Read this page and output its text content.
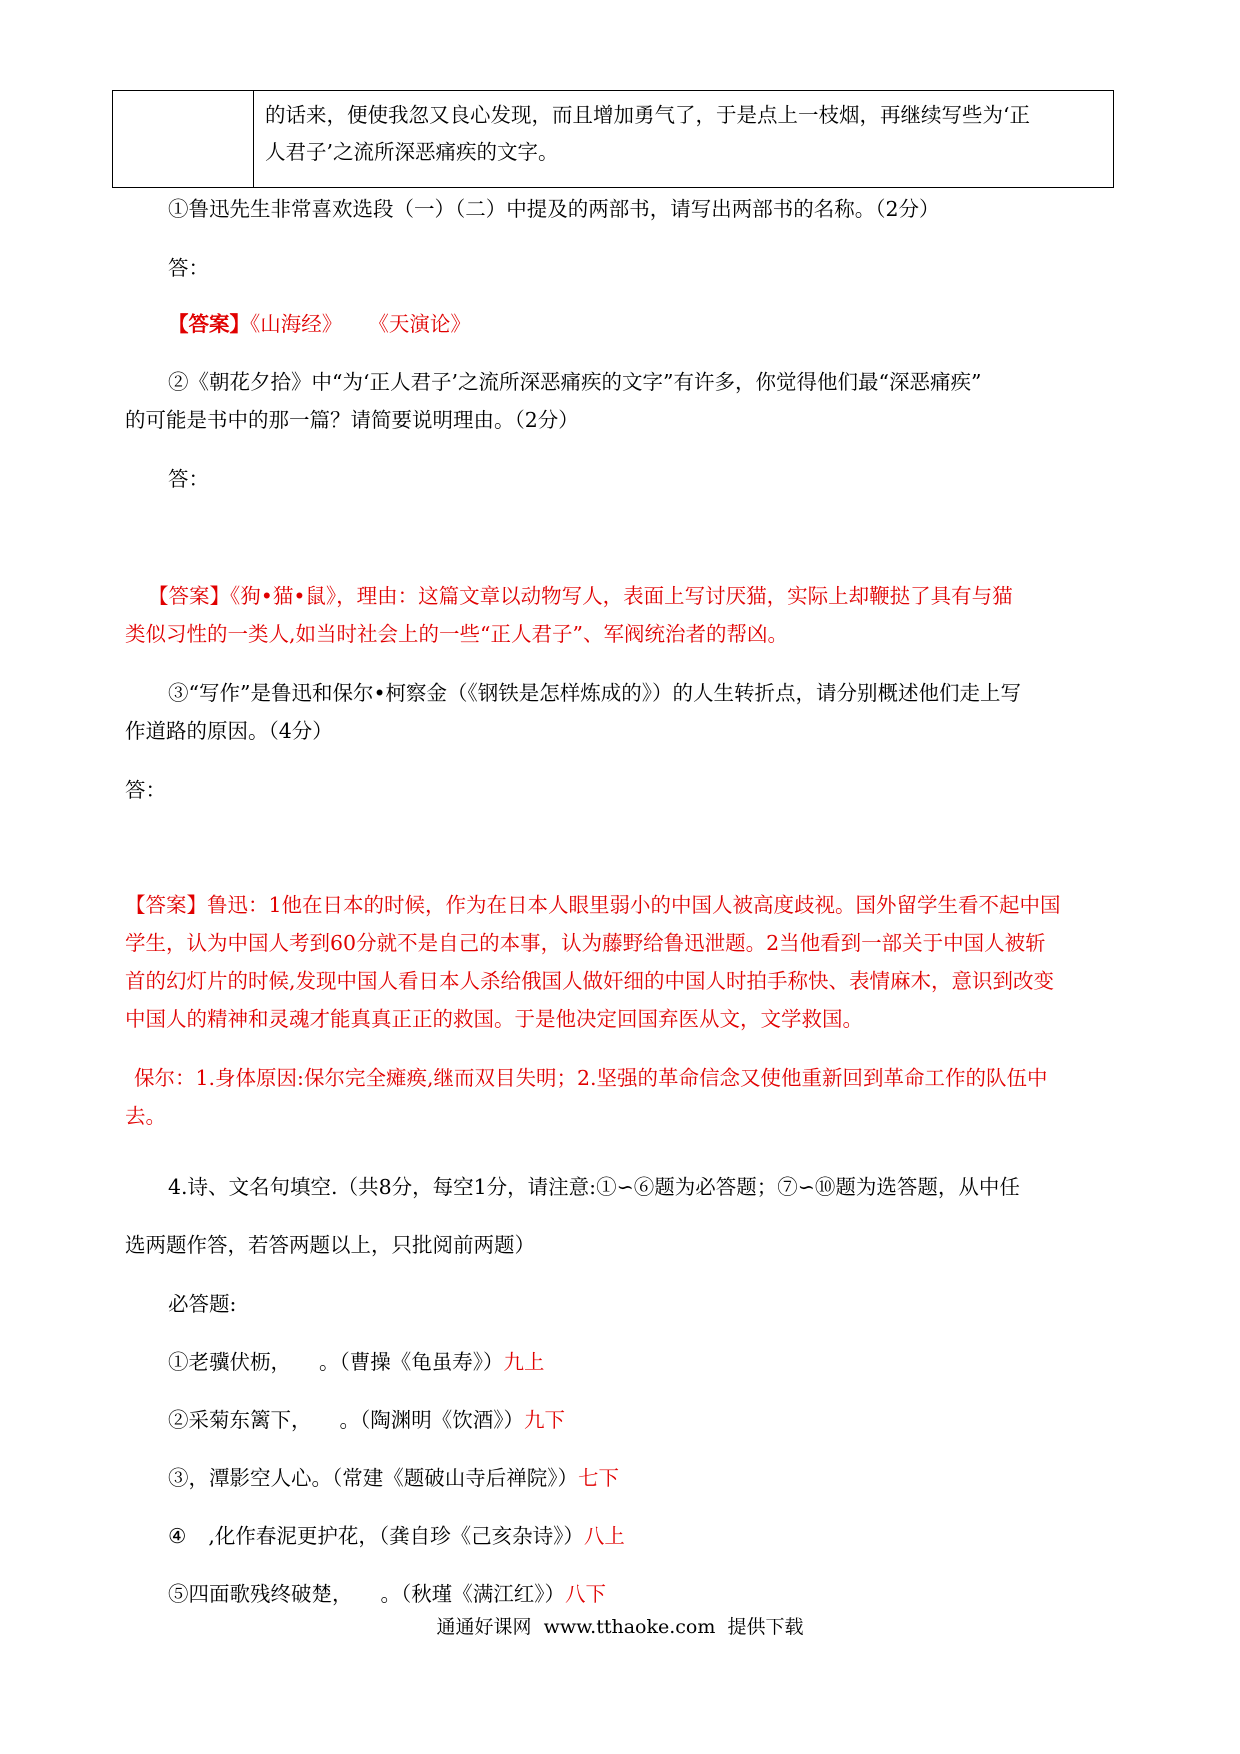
的话来，便使我忽又良心发现，而且增加勇气了，于是点上一枝烟，再继续写些为‘正
人君子’之流所深恶痛疾的文字。
①鲁迅先生非常喜欢选段（一）（二）中提及的两部书，请写出两部书的名称。（2分）
答：
【答案】《山海经》    《天演论》
②《朝花夕拾》中“为‘正人君子’之流所深恶痛疾的文字”有许多，你觉得他们最“深恶痛疾”
的可能是书中的那一篇？请简要说明理由。（2分）
答：
【答案】《狗•猫•鼠》，理由：这篇文章以动物写人，表面上写讨厌猫，实际上却鞭挞了具有与猫
类似习性的一类人,如当时社会上的一些“正人君子”、军阀统治者的帮凶。
③“写作”是鲁迅和保尔•柯察金（《钢铁是怎样炼成的》）的人生转折点，请分别概述他们走上写
作道路的原因。（4分）
答：
【答案】鲁迅：1他在日本的时候，作为在日本人眼里弱小的中国人被高度歧视。国外留学生看不起中国
学生，认为中国人考到60分就不是自己的本事，认为藤野给鲁迅泄题。2当他看到一部关于中国人被斩
首的幻灯片的时候,发现中国人看日本人杀给俄国人做奸细的中国人时拍手称快、表情麻木，意识到改变
中国人的精神和灵魂才能真真正正的救国。于是他决定回国弃医从文，文学救国。
保尔：1.身体原因:保尔完全瘫痪,继而双目失明；2.坚强的革命信念又使他重新回到革命工作的队伍中
去。
4.诗、文名句填空.（共8分，每空1分，请注意:①∽⑥题为必答题；⑦∽⑩题为选答题，从中任
选两题作答，若答两题以上，只批阅前两题）
必答题:
①老骥伏枥， 。（曹操《龟虽寿》）九上
②采菊东篱下， 。（陶渊明《饮酒》）九下
③，潭影空人心。（常建《题破山寺后禅院》）七下
④ ,化作春泥更护花，（龚自珍《己亥杂诗》）八上
⑤四面歌残终破楚， 。（秋瑾《满江红》）八下
通通好课网  www.tthaoke.com  提供下载
